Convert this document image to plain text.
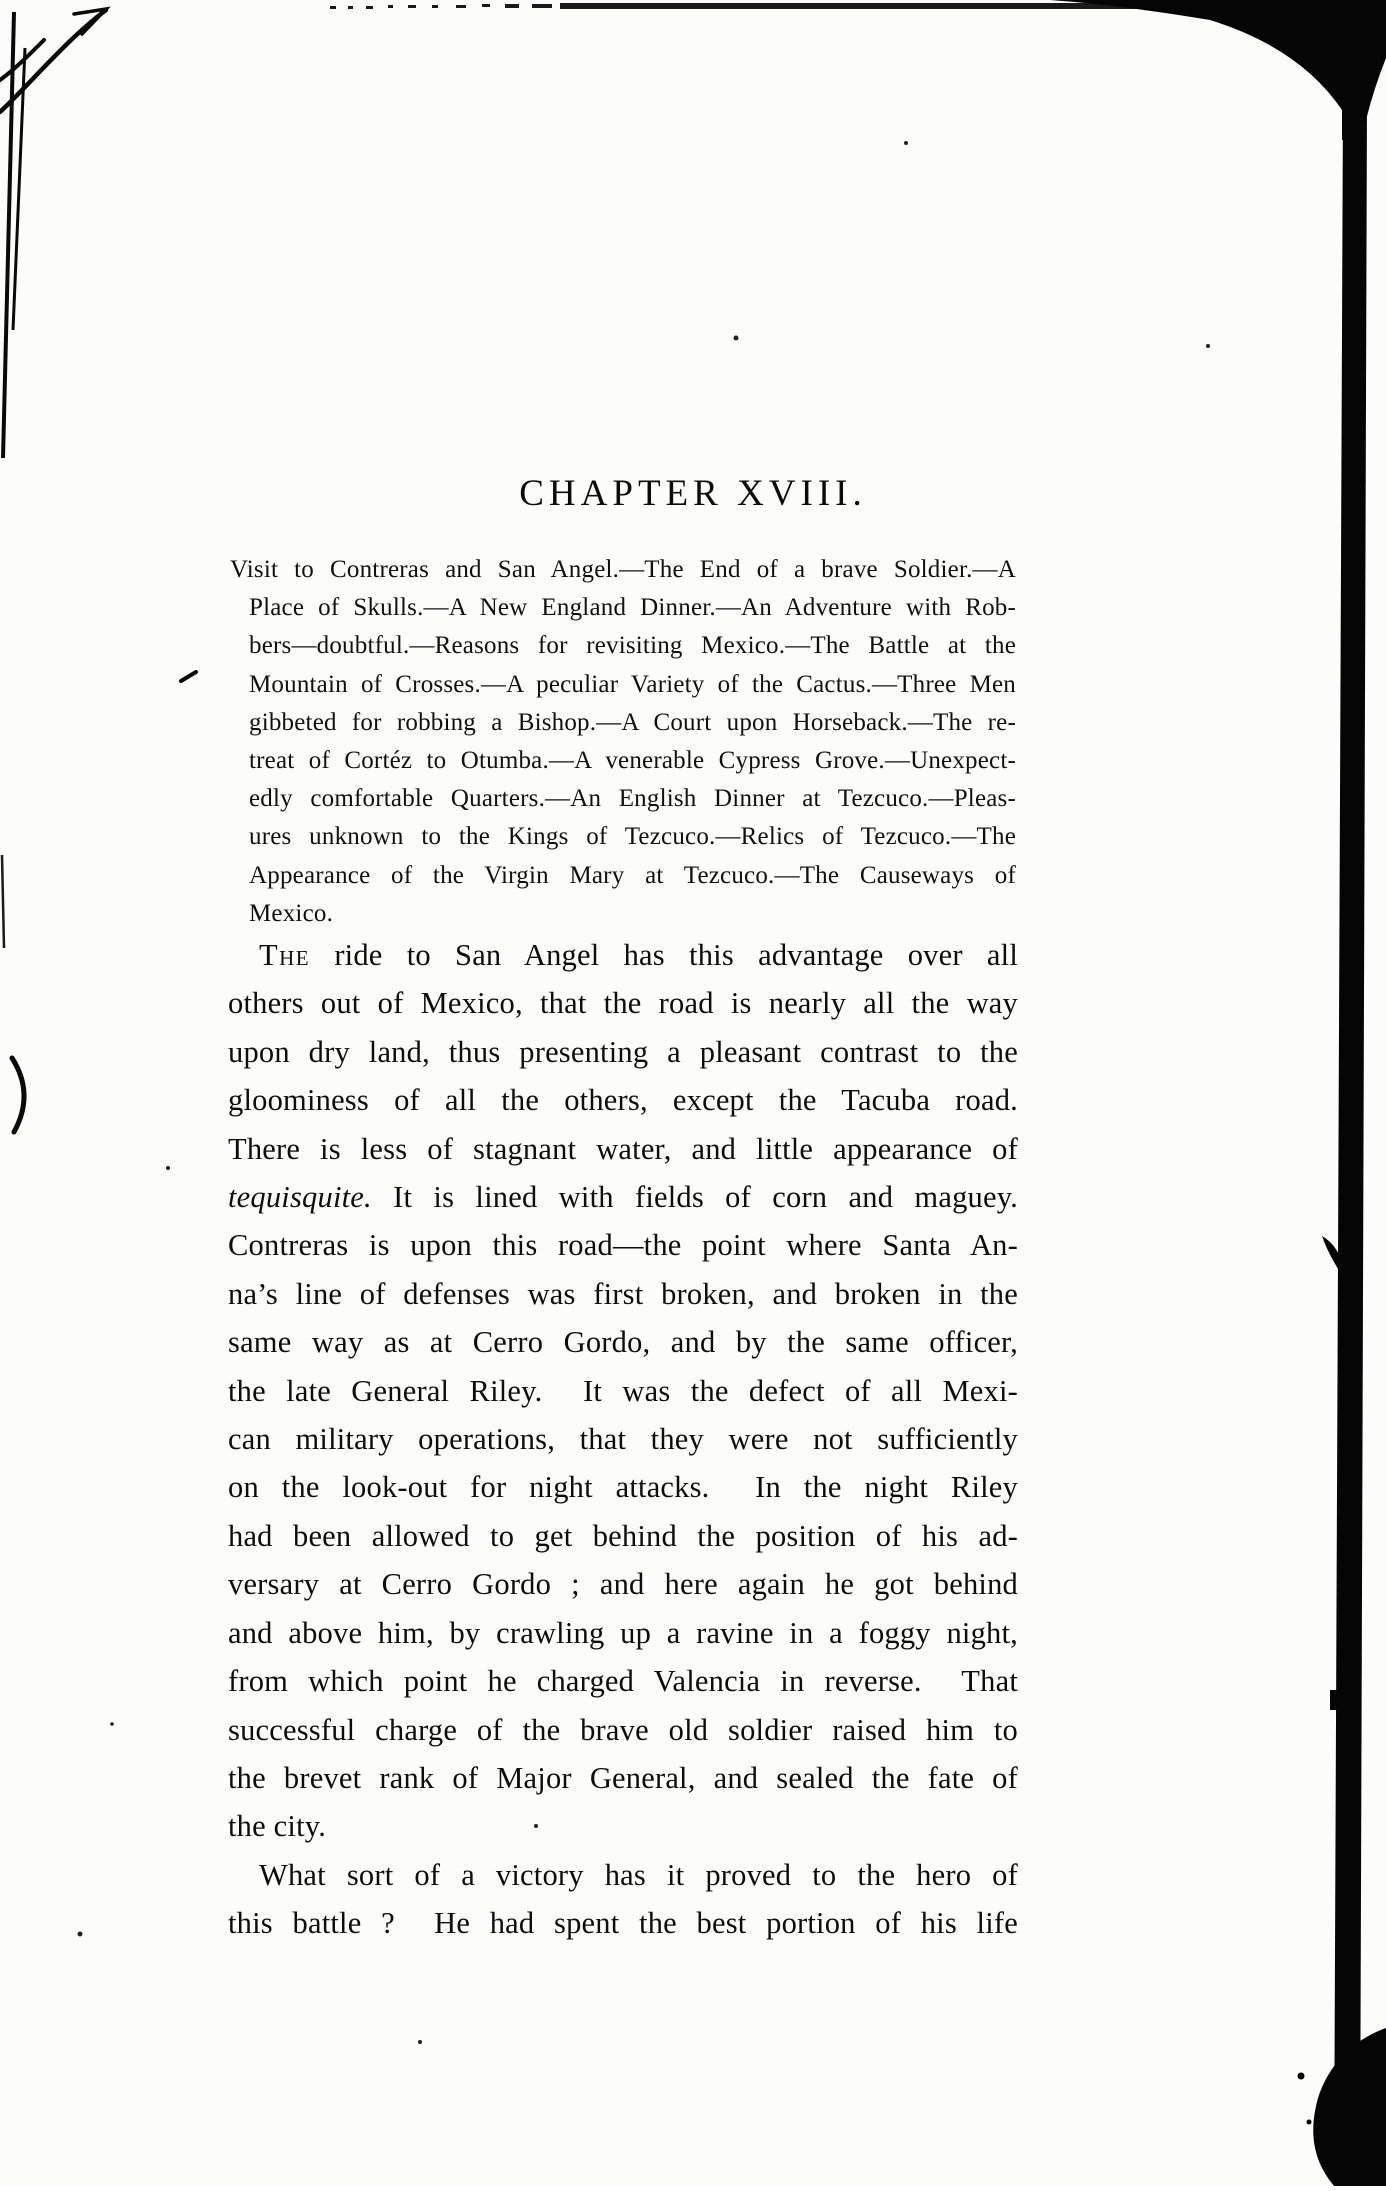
CHAPTER XVIII.
Visit to Contreras and San Angel.—The End of a brave Soldier.—A
Place of Skulls.—A New England Dinner.—An Adventure with Rob-
bers—doubtful.—Reasons for revisiting Mexico.—The Battle at the
Mountain of Crosses.—A peculiar Variety of the Cactus.—Three Men
gibbeted for robbing a Bishop.—A Court upon Horseback.—The re-
treat of Cortéz to Otumba.—A venerable Cypress Grove.—Unexpect-
edly comfortable Quarters.—An English Dinner at Tezcuco.—Pleas-
ures unknown to the Kings of Tezcuco.—Relics of Tezcuco.—The
Appearance of the Virgin Mary at Tezcuco.—The Causeways of
Mexico.
The ride to San Angel has this advantage over all
others out of Mexico, that the road is nearly all the way
upon dry land, thus presenting a pleasant contrast to the
gloominess of all the others, except the Tacuba road.
There is less of stagnant water, and little appearance of
tequisquite. It is lined with fields of corn and maguey.
Contreras is upon this road—the point where Santa An-
na’s line of defenses was first broken, and broken in the
same way as at Cerro Gordo, and by the same officer,
the late General Riley.  It was the defect of all Mexi-
can military operations, that they were not sufficiently
on the look-out for night attacks.  In the night Riley
had been allowed to get behind the position of his ad-
versary at Cerro Gordo ; and here again he got behind
and above him, by crawling up a ravine in a foggy night,
from which point he charged Valencia in reverse.  That
successful charge of the brave old soldier raised him to
the brevet rank of Major General, and sealed the fate of
the city.
What sort of a victory has it proved to the hero of
this battle ?  He had spent the best portion of his life
